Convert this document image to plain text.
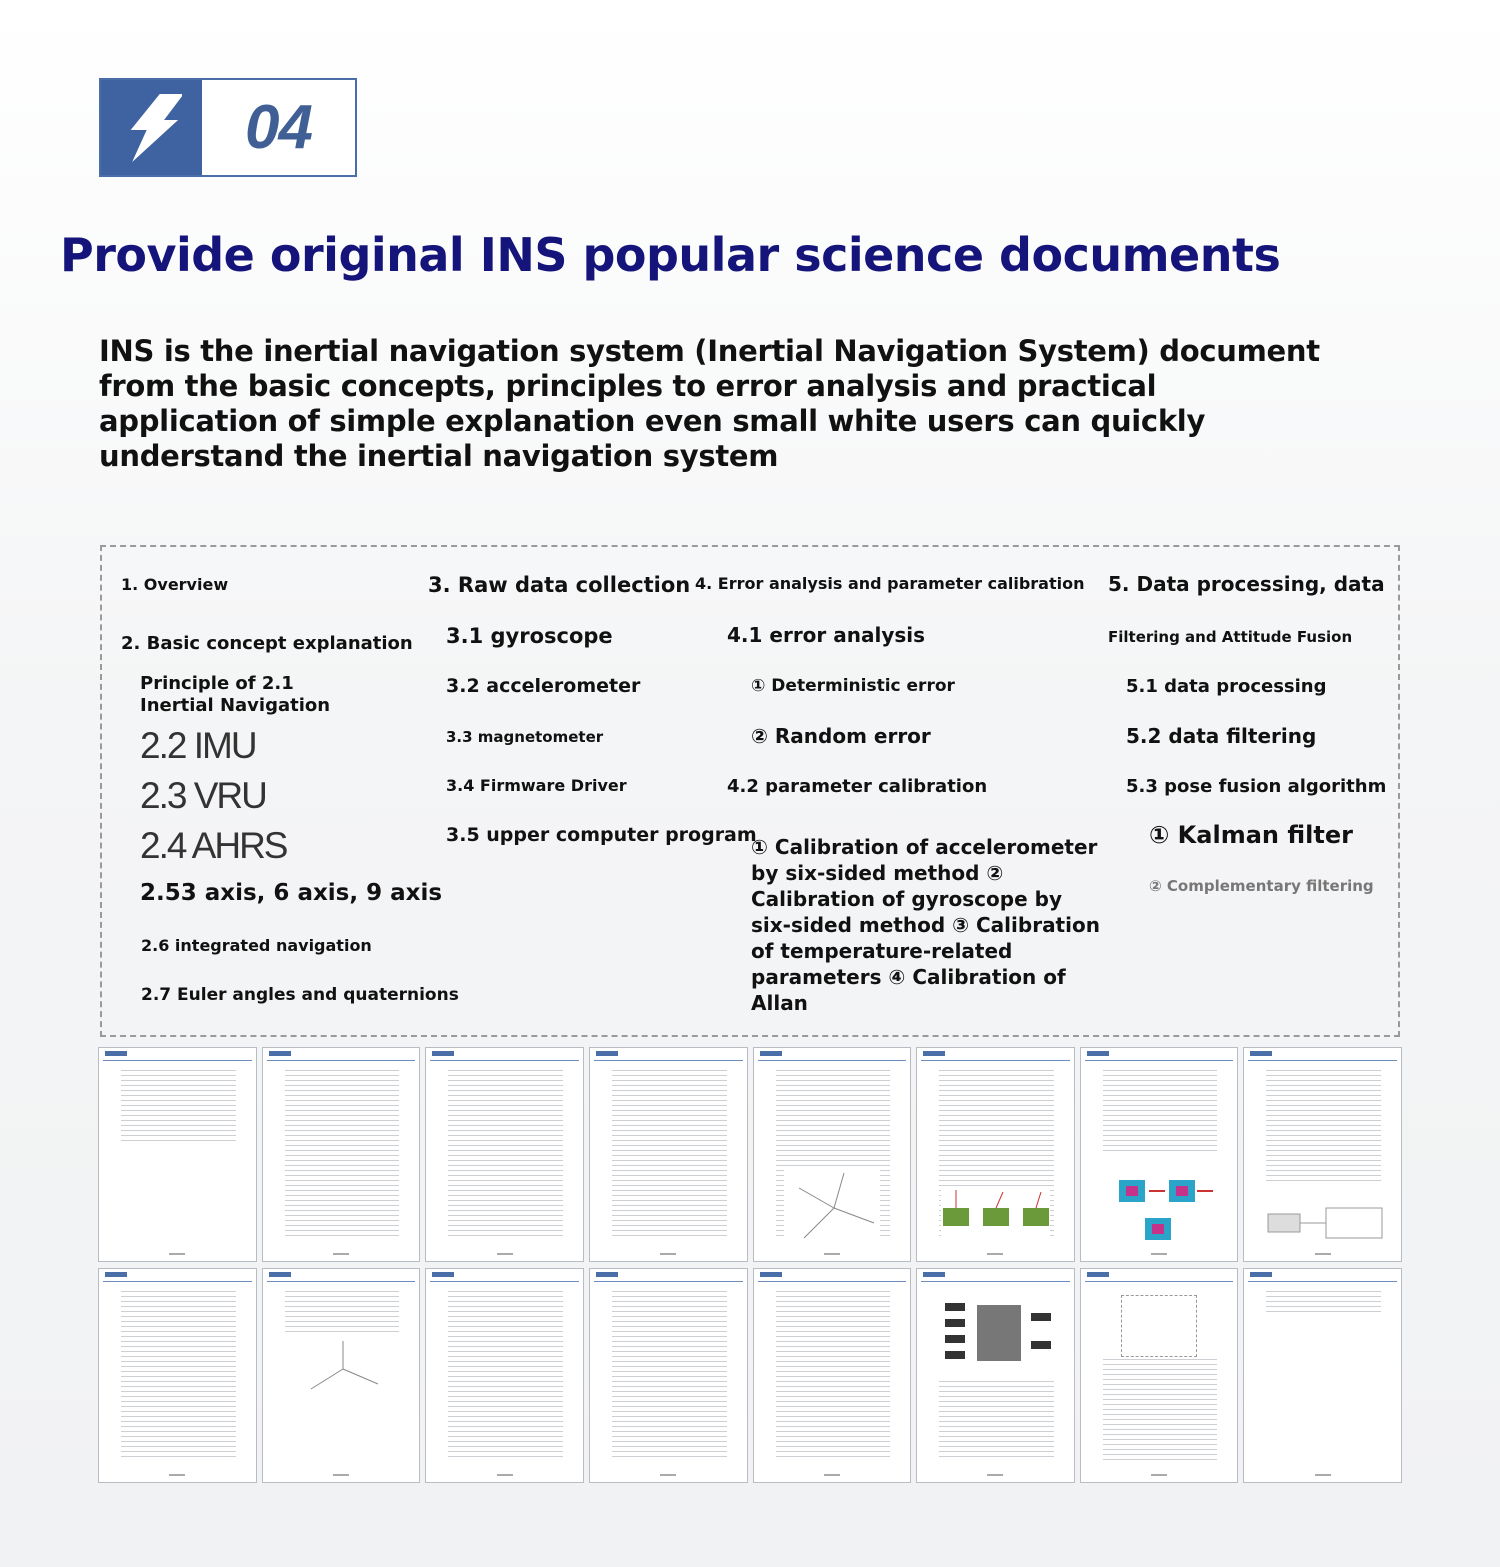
04
Provide original INS popular science documents
INS is the inertial navigation system (Inertial Navigation System) document from the basic concepts, principles to error analysis and practical application of simple explanation even small white users can quickly understand the inertial navigation system
1. Overview
2. Basic concept explanation
Principle of 2.1 Inertial Navigation
2.2 IMU
2.3 VRU
2.4 AHRS
2.53 axis, 6 axis, 9 axis
2.6 integrated navigation
2.7 Euler angles and quaternions
3. Raw data collection
3.1 gyroscope
3.2 accelerometer
3.3 magnetometer
3.4 Firmware Driver
3.5 upper computer program
4. Error analysis and parameter calibration
4.1 error analysis
① Deterministic error
② Random error
4.2 parameter calibration
① Calibration of accelerometer by six-sided method ② Calibration of gyroscope by six-sided method ③ Calibration of temperature-related parameters ④ Calibration of Allan
5. Data processing, data
Filtering and Attitude Fusion
5.1 data processing
5.2 data filtering
5.3 pose fusion algorithm
① Kalman filter
② Complementary filtering
